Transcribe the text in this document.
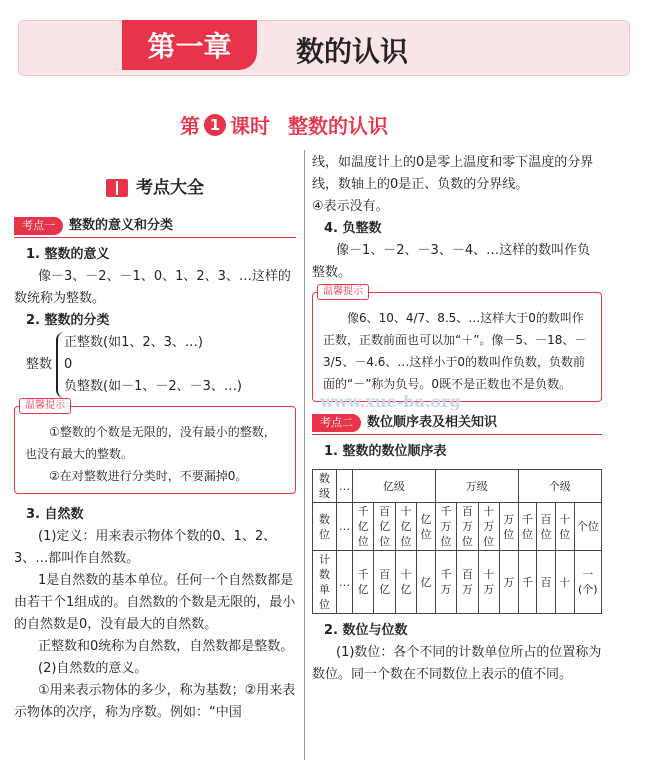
第一章	数的认识
第 1 课时 整数的认识
考点大全
考点一	整数的意义和分类
1. 整数的意义
像－3、－2、－1、0、1、2、3、…这样的数统称为整数。
2. 整数的分类
整数
正整数(如1、2、3、…)
0
负整数(如－1、－2、－3、…)
温馨提示
①整数的个数是无限的，没有最小的整数，也没有最大的整数。
②在对整数进行分类时，不要漏掉0。
3. 自然数
(1)定义：用来表示物体个数的0、1、2、3、…都叫作自然数。
1是自然数的基本单位。任何一个自然数都是由若干个1组成的。自然数的个数是无限的，最小的自然数是0，没有最大的自然数。
正整数和0统称为自然数，自然数都是整数。
(2)自然数的意义。
①用来表示物体的多少，称为基数；②用来表示物体的次序，称为序数。例如：“中国
线，如温度计上的0是零上温度和零下温度的分界线，数轴上的0是正、负数的分界线。
④表示没有。
4. 负整数
像－1、－2、－3、－4、…这样的数叫作负整数。
温馨提示
像6、10、4/7、8.5、…这样大于0的数叫作正数，正数前面也可以加“＋”。像－5、－18、－3/5、－4.6、…这样小于0的数叫作负数，负数前面的“－”称为负号。0既不是正数也不是负数。
考点二	数位顺序表及相关知识
1. 整数的数位顺序表
数级	…	亿级				万级				个级			
数位	…	千亿位	百亿位	十亿位	亿位	千万位	百万位	十万位	万位	千位	百位	十位	个位
计数单位	…	千亿	百亿	十亿	亿	千万	百万	十万	万	千	百	十	一(个)
2. 数位与位数
(1)数位：各个不同的计数单位所占的位置称为数位。同一个数在不同数位上表示的值不同。
www.xue-ba.org
